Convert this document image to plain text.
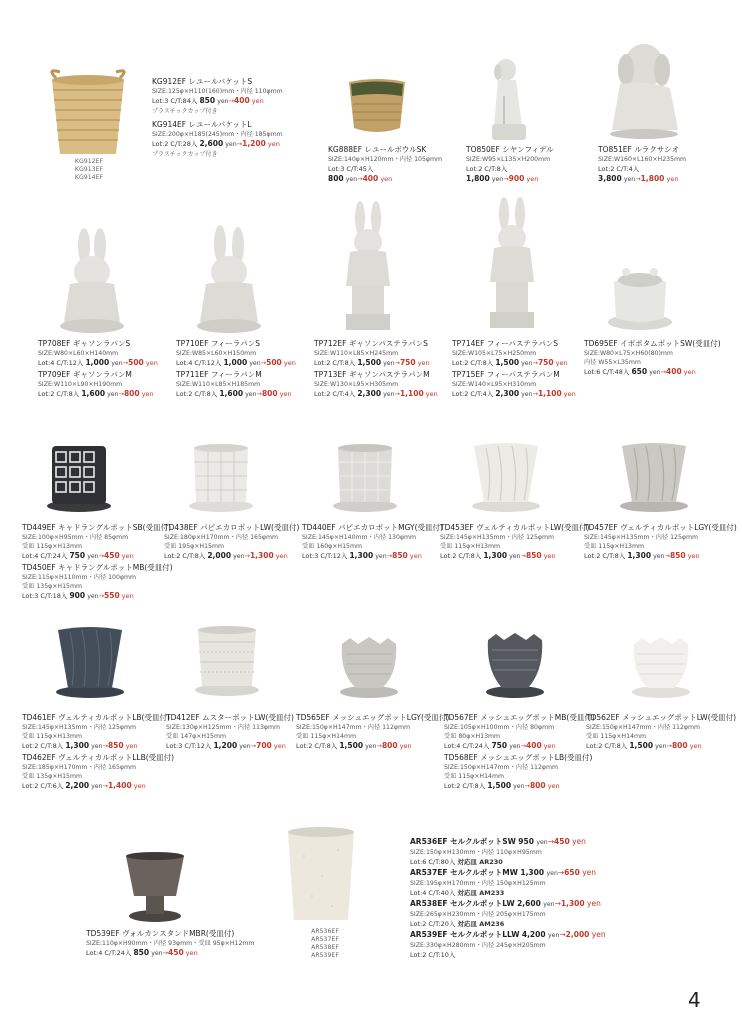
KG912EF
KG913EF
KG914EF
AR536EF
AR537EF
AR538EF
AR539EF
KG912EF レユールバケットS
SIZE:125φ×H110(160)mm・内径 110φmm
Lot:3 C/T:84入 850 yen→400 yen
プラスチックカップ付き
KG914EF レユールバケットL
SIZE:200φ×H185(245)mm・内径 185φmm
Lot:2 C/T:28入 2,600 yen→1,200 yen
プラスチックカップ付き
KG888EF レユールボウルSK
SIZE:140φ×H120mm・内径 105φmm
Lot:3 C/T:45入
800 yen→400 yen
TO850EF シヤンフィデル
SIZE:W95×L135×H200mm
Lot:2 C/T:8入
1,800 yen→900 yen
TO851EF ルラクサシオ
SIZE:W160×L160×H235mm
Lot:2 C/T:4入
3,800 yen→1,800 yen
TP708EF ギャソンラパンS
SIZE:W80×L60×H140mm
Lot:4 C/T:12入 1,000 yen→500 yen
TP709EF ギャソンラパンM
SIZE:W110×L90×H190mm
Lot:2 C/T:8入 1,600 yen→800 yen
TP710EF フィーラパンS
SIZE:W85×L60×H150mm
Lot:4 C/T:12入 1,000 yen→500 yen
TP711EF フィーラパンM
SIZE:W110×L85×H185mm
Lot:2 C/T:8入 1,600 yen→800 yen
TP712EF ギャソンパステラパンS
SIZE:W110×L85×H245mm
Lot:2 C/T:8入 1,500 yen→750 yen
TP713EF ギャソンパステラパンM
SIZE:W130×L95×H305mm
Lot:2 C/T:4入 2,300 yen→1,100 yen
TP714EF フィーパステラパンS
SIZE:W105×L75×H250mm
Lot:2 C/T:8入 1,500 yen→750 yen
TP715EF フィーパステラパンM
SIZE:W140×L95×H310mm
Lot:2 C/T:4入 2,300 yen→1,100 yen
TD695EF イポポタムポットSW(受皿付)
SIZE:W80×L75×H60(80)mm
内径 W55×L35mm
Lot:6 C/T:48入 650 yen→400 yen
TD449EF キャドラングルポットSB(受皿付)
SIZE:100φ×H95mm・内径 85φmm
受皿 115φ×H13mm
Lot:4 C/T:24入 750 yen→450 yen
TD450EF キャドラングルポットMB(受皿付)
SIZE:115φ×H110mm・内径 100φmm
受皿 135φ×H15mm
Lot:3 C/T:18入 900 yen→550 yen
TD438EF パピエカロポットLW(受皿付)
SIZE:180φ×H170mm・内径 165φmm
受皿 195φ×H15mm
Lot:2 C/T:8入 2,000 yen→1,300 yen
TD440EF パピエカロポットMGY(受皿付)
SIZE:145φ×H140mm・内径 130φmm
受皿 160φ×H15mm
Lot:3 C/T:12入 1,300 yen→850 yen
TD453EF ヴェルティカルポットLW(受皿付)
SIZE:145φ×H135mm・内径 125φmm
受皿 115φ×H13mm
Lot:2 C/T:8入 1,300 yen→850 yen
TD457EF ヴェルティカルポットLGY(受皿付)
SIZE:145φ×H135mm・内径 125φmm
受皿 115φ×H13mm
Lot:2 C/T:8入 1,300 yen→850 yen
TD461EF ヴェルティカルポットLB(受皿付)
SIZE:145φ×H135mm・内径 125φmm
受皿 115φ×H13mm
Lot:2 C/T:8入 1,300 yen→850 yen
TD462EF ヴェルティカルポットLLB(受皿付)
SIZE:185φ×H170mm・内径 165φmm
受皿 135φ×H15mm
Lot:2 C/T:6入 2,200 yen→1,400 yen
TD412EF ムスターポットLW(受皿付)
SIZE:130φ×H125mm・内径 113φmm
受皿 147φ×H15mm
Lot:3 C/T:12入 1,200 yen→700 yen
TD565EF メッシュエッグポットLGY(受皿付)
SIZE:150φ×H147mm・内径 112φmm
受皿 115φ×H14mm
Lot:2 C/T:8入 1,500 yen→800 yen
TD567EF メッシュエッグポットMB(受皿付)
SIZE:105φ×H100mm・内径 80φmm
受皿 80φ×H13mm
Lot:4 C/T:24入 750 yen→400 yen
TD568EF メッシュエッグポットLB(受皿付)
SIZE:150φ×H147mm・内径 112φmm
受皿 115φ×H14mm
Lot:2 C/T:8入 1,500 yen→800 yen
TD562EF メッシュエッグポットLW(受皿付)
SIZE:150φ×H147mm・内径 112φmm
受皿 115φ×H14mm
Lot:2 C/T:8入 1,500 yen→800 yen
TD539EF ヴォルカンスタンドMBR(受皿付)
SIZE:110φ×H90mm・内径 93φmm・受皿 95φ×H12mm
Lot:4 C/T:24入 850 yen→450 yen
AR536EF セルクルポットSW 950 yen→450 yen
SIZE:150φ×H130mm・内径 110φ×H95mm
Lot:6 C/T:80入 対応皿 AR230
AR537EF セルクルポットMW 1,300 yen→650 yen
SIZE:195φ×H170mm・内径 150φ×H125mm
Lot:4 C/T:40入 対応皿 AM233
AR538EF セルクルポットLW 2,600 yen→1,300 yen
SIZE:265φ×H230mm・内径 205φ×H175mm
Lot:2 C/T:20入 対応皿 AM236
AR539EF セルクルポットLLW 4,200 yen→2,000 yen
SIZE:330φ×H280mm・内径 245φ×H205mm
Lot:2 C/T:10入
4
